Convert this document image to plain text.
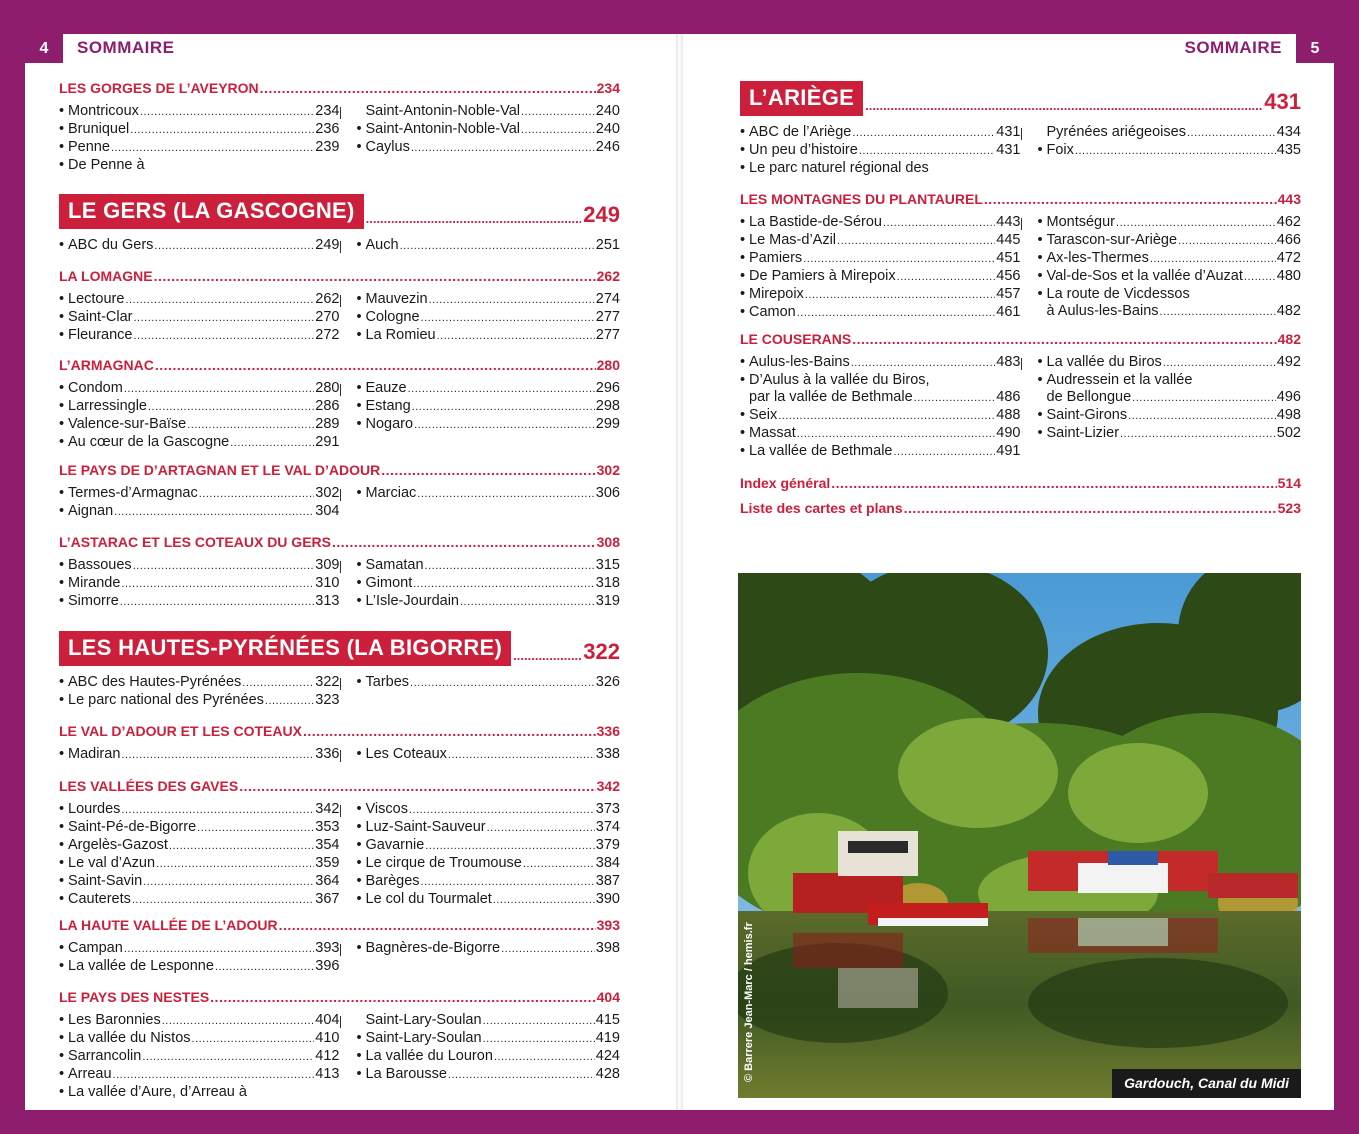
4	SOMMAIRE
LES GORGES DE L’AVEYRON .....	234
• Montricoux .....	234
• Bruniquel .....	236
• Penne .....	239
• De Penne à
Saint-Antonin-Noble-Val .....	240
• Saint-Antonin-Noble-Val .....	240
• Caylus .....	246
LE GERS (LA GASCOGNE) .....	249
• ABC du Gers .....	249 • Auch .....	251
LA LOMAGNE .....	262
• Lectoure .....	262
• Saint-Clar .....	270
• Fleurance .....	272
• Mauvezin .....	274
• Cologne .....	277
• La Romieu .....	277
L’ARMAGNAC .....	280
• Condom .....	280
• Larressingle .....	286
• Valence-sur-Baïse .....	289
• Au cœur de la Gascogne .....	291
• Eauze .....	296
• Estang .....	298
• Nogaro .....	299
LE PAYS DE D’ARTAGNAN ET LE VAL D’ADOUR .....	302
• Termes-d’Armagnac .....	302
• Aignan .....	304
• Marciac .....	306
L’ASTARAC ET LES COTEAUX DU GERS .....	308
• Bassoues .....	309
• Mirande .....	310
• Simorre .....	313
• Samatan .....	315
• Gimont .....	318
• L’Isle-Jourdain .....	319
LES HAUTES-PYRÉNÉES (LA BIGORRE) .....	322
• ABC des Hautes-Pyrénées .....	322
• Le parc national des Pyrénées .....	323
• Tarbes .....	326
LE VAL D’ADOUR ET LES COTEAUX .....	336
• Madiran .....	336 • Les Coteaux .....	338
LES VALLÉES DES GAVES .....	342
• Lourdes .....	342
• Saint-Pé-de-Bigorre .....	353
• Argelès-Gazost .....	354
• Le val d’Azun .....	359
• Saint-Savin .....	364
• Cauterets .....	367
• Viscos .....	373
• Luz-Saint-Sauveur .....	374
• Gavarnie .....	379
• Le cirque de Troumouse .....	384
• Barèges .....	387
• Le col du Tourmalet .....	390
LA HAUTE VALLÉE DE L’ADOUR .....	393
• Campan .....	393
• La vallée de Lesponne .....	396
• Bagnères-de-Bigorre .....	398
LE PAYS DES NESTES .....	404
• Les Baronnies .....	404
• La vallée du Nistos .....	410
• Sarrancolin .....	412
• Arreau .....	413
• La vallée d’Aure, d’Arreau à
Saint-Lary-Soulan .....	415
• Saint-Lary-Soulan .....	419
• La vallée du Louron .....	424
• La Barousse .....	428
5
SOMMAIRE
L’ARIÈGE .....	431
• ABC de l’Ariège .....	431
• Un peu d’histoire .....	431
• Le parc naturel régional des
Pyrénées ariégeoises .....	434
• Foix .....	435
LES MONTAGNES DU PLANTAUREL .....	443
• La Bastide-de-Sérou .....	443
• Le Mas-d’Azil .....	445
• Pamiers .....	451
• De Pamiers à Mirepoix .....	456
• Mirepoix .....	457
• Camon .....	461
• Montségur .....	462
• Tarascon-sur-Ariège .....	466
• Ax-les-Thermes .....	472
• Val-de-Sos et la vallée d’Auzat ..... 480
• La route de Vicdessos
à Aulus-les-Bains .....	482
LE COUSERANS .....	482
• Aulus-les-Bains .....	483
• D’Aulus à la vallée du Biros,
par la vallée de Bethmale .....	486
• Seix .....	488
• Massat .....	490
• La vallée de Bethmale .....	491
• La vallée du Biros .....	492
• Audressein et la vallée
de Bellongue .....	496
• Saint-Girons .....	498
• Saint-Lizier .....	502
Index général .....	514
Liste des cartes et plans .....	523
© Barrere Jean-Marc / hemis.fr
Gardouch, Canal du Midi
